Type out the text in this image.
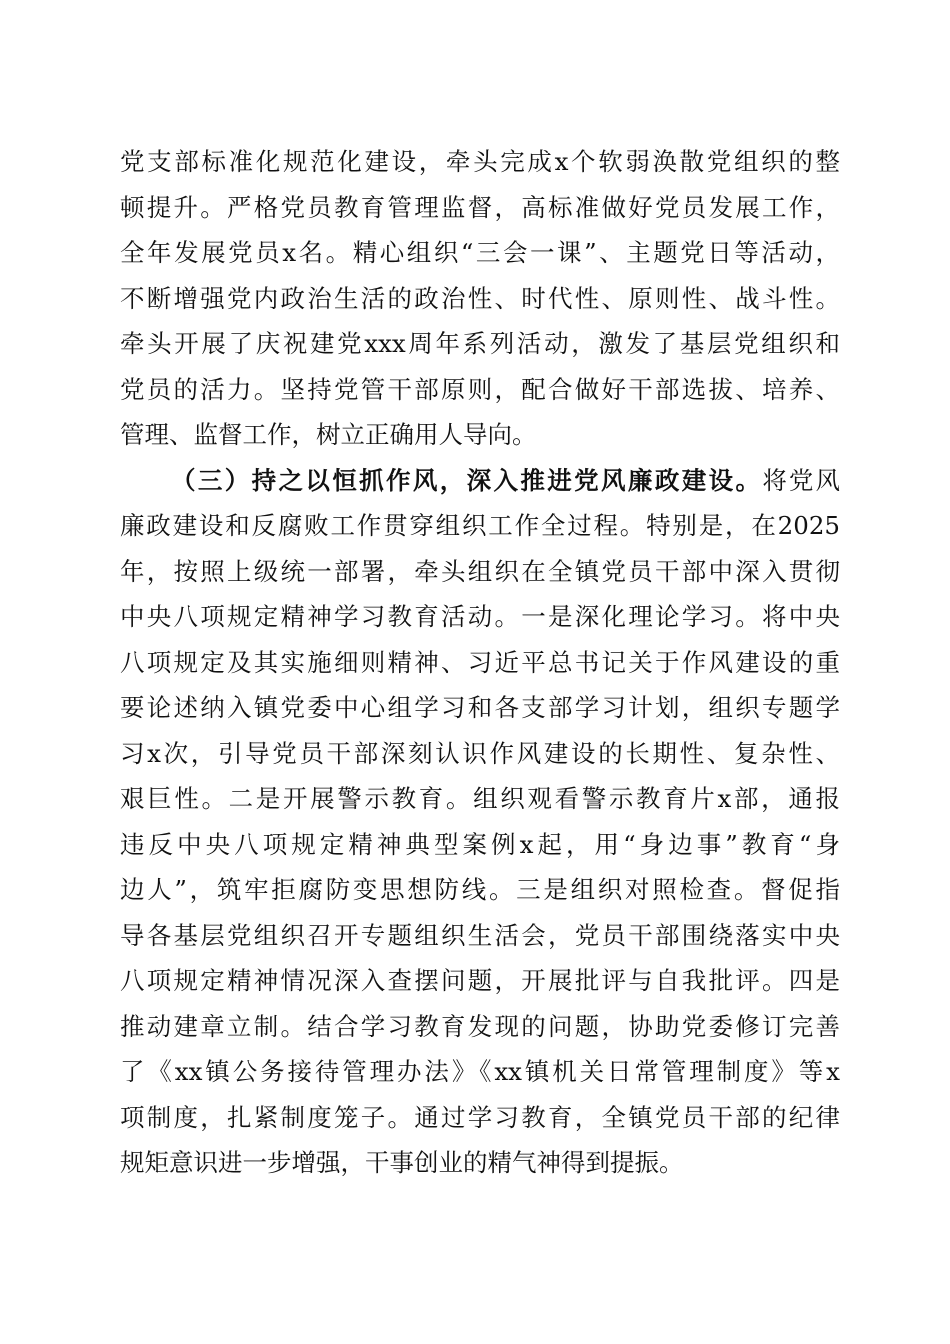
党支部标准化规范化建设，牵头完成x个软弱涣散党组织的整
顿提升。严格党员教育管理监督，高标准做好党员发展工作，
全年发展党员x名。精心组织“三会一课”、主题党日等活动，
不断增强党内政治生活的政治性、时代性、原则性、战斗性。
牵头开展了庆祝建党xxx周年系列活动，激发了基层党组织和
党员的活力。坚持党管干部原则，配合做好干部选拔、培养、
管理、监督工作，树立正确用人导向。
（三）持之以恒抓作风，深入推进党风廉政建设。将党风
廉政建设和反腐败工作贯穿组织工作全过程。特别是，在2025
年，按照上级统一部署，牵头组织在全镇党员干部中深入贯彻
中央八项规定精神学习教育活动。一是深化理论学习。将中央
八项规定及其实施细则精神、习近平总书记关于作风建设的重
要论述纳入镇党委中心组学习和各支部学习计划，组织专题学
习x次，引导党员干部深刻认识作风建设的长期性、复杂性、
艰巨性。二是开展警示教育。组织观看警示教育片x部，通报
违反中央八项规定精神典型案例x起，用“身边事”教育“身
边人”，筑牢拒腐防变思想防线。三是组织对照检查。督促指
导各基层党组织召开专题组织生活会，党员干部围绕落实中央
八项规定精神情况深入查摆问题，开展批评与自我批评。四是
推动建章立制。结合学习教育发现的问题，协助党委修订完善
了《xx镇公务接待管理办法》《xx镇机关日常管理制度》等x
项制度，扎紧制度笼子。通过学习教育，全镇党员干部的纪律
规矩意识进一步增强，干事创业的精气神得到提振。
